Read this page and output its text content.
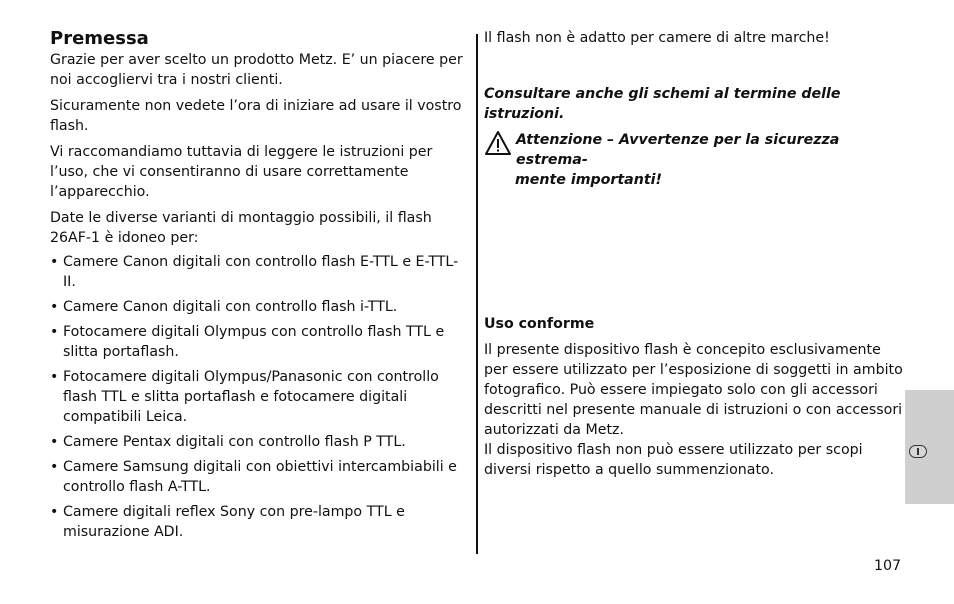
Premessa

Grazie per aver scelto un prodotto Metz. E’ un piacere per noi accogliervi tra i nostri clienti.

Sicuramente non vedete l’ora di iniziare ad usare il vostro flash.

Vi raccomandiamo tuttavia di leggere le istruzioni per l’uso, che vi consentiranno di usare correttamente l’apparecchio.

Date le diverse varianti di montaggio possibili, il flash 26AF-1 è idoneo per:

• Camere Canon digitali con controllo flash E-TTL e E-TTL-II.
• Camere Canon digitali con controllo flash i-TTL.
• Fotocamere digitali Olympus con controllo flash TTL e slitta portaflash.
• Fotocamere digitali Olympus/Panasonic con controllo flash TTL e slitta portaflash e fotocamere digitali compatibili Leica.
• Camere Pentax digitali con controllo flash P TTL.
• Camere Samsung digitali con obiettivi intercambiabili e controllo flash A-TTL.
• Camere digitali reflex Sony con pre-lampo TTL e misurazione ADI.

Il flash non è adatto per camere di altre marche!

Consultare anche gli schemi al termine delle istruzioni.

Attenzione – Avvertenze per la sicurezza estrema-
mente importanti!
Uso conforme
Il presente dispositivo flash è concepito esclusivamente per essere utilizzato per l’esposizione di soggetti in ambito fotografico. Può essere impiegato solo con gli accessori descritti nel presente manuale di istruzioni o con accessori autorizzati da Metz.
Il dispositivo flash non può essere utilizzato per scopi diversi rispetto a quello summenzionato.
107
